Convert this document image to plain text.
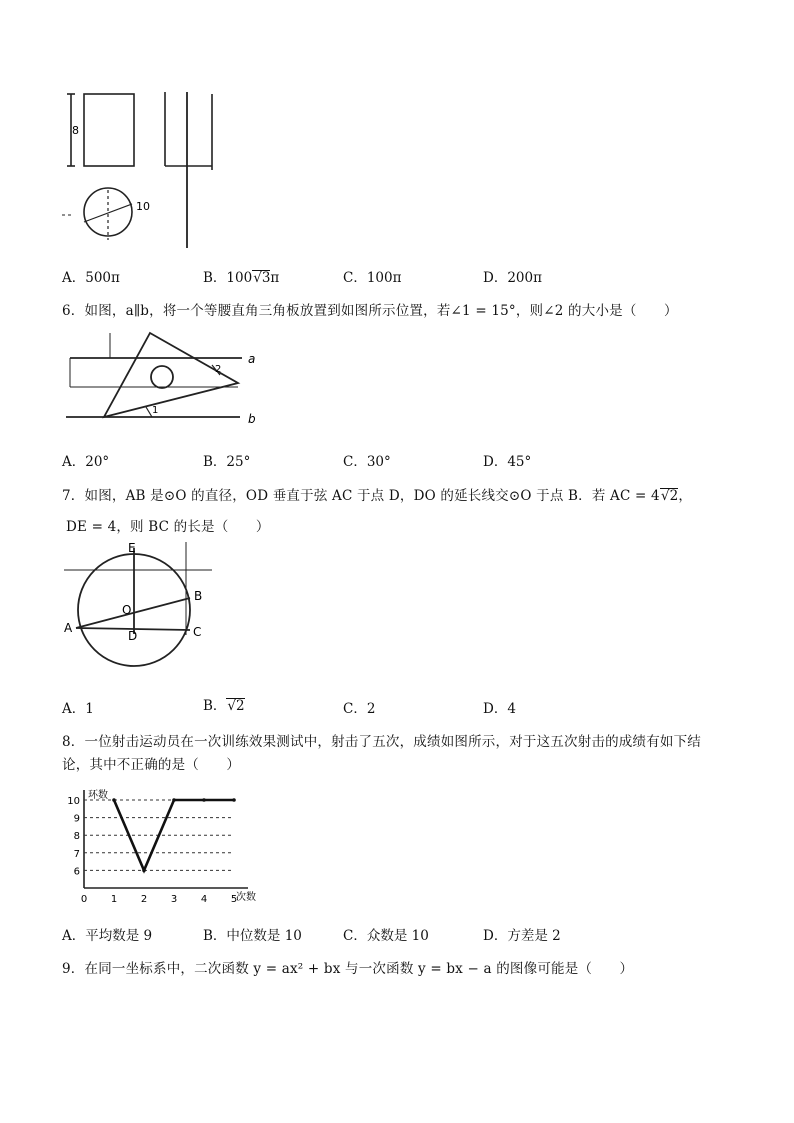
8
10
A．500π	B．100√3π	C．100π	D．200π
6．如图，a∥b，将一个等腰直角三角板放置到如图所示位置，若∠1 = 15°，则∠2 的大小是（　　）
a
b
2
1
A．20°	B．25°	C．30°	D．45°
7．如图，AB 是⊙O 的直径，OD 垂直于弦 AC 于点 D，DO 的延长线交⊙O 于点 B．若 AC = 4√2，
DE = 4，则 BC 的长是（　　）
A
B
C
D
O
E
A．1	B．√2	C．2	D．4
8．一位射击运动员在一次训练效果测试中，射击了五次，成绩如图所示，对于这五次射击的成绩有如下结
论，其中不正确的是（　　）
6
7
8
9
10
0 1 2 3 4 5
环数
次数
A．平均数是 9	B．中位数是 10	C．众数是 10	D．方差是 2
9．在同一坐标系中，二次函数 y = ax² + bx 与一次函数 y = bx − a 的图像可能是（　　）
